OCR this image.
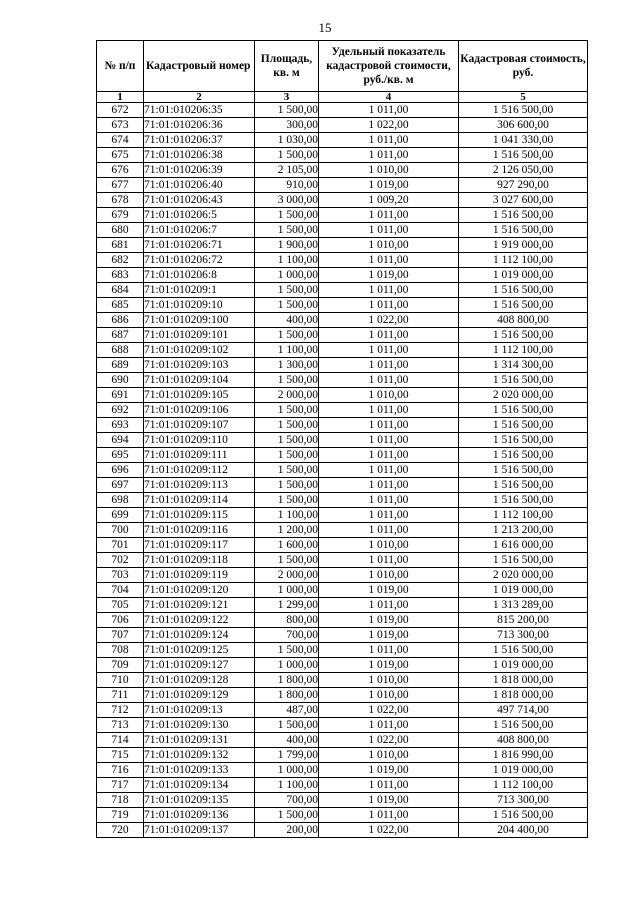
15
№ п/п	Кадастровый номер	Площадь, кв. м	Удельный показатель кадастровой стоимости, руб./кв. м	Кадастровая стоимость, руб.
1	2	3	4	5
672	71:01:010206:35	1 500,00	1 011,00	1 516 500,00
673	71:01:010206:36	300,00	1 022,00	306 600,00
674	71:01:010206:37	1 030,00	1 011,00	1 041 330,00
675	71:01:010206:38	1 500,00	1 011,00	1 516 500,00
676	71:01:010206:39	2 105,00	1 010,00	2 126 050,00
677	71:01:010206:40	910,00	1 019,00	927 290,00
678	71:01:010206:43	3 000,00	1 009,20	3 027 600,00
679	71:01:010206:5	1 500,00	1 011,00	1 516 500,00
680	71:01:010206:7	1 500,00	1 011,00	1 516 500,00
681	71:01:010206:71	1 900,00	1 010,00	1 919 000,00
682	71:01:010206:72	1 100,00	1 011,00	1 112 100,00
683	71:01:010206:8	1 000,00	1 019,00	1 019 000,00
684	71:01:010209:1	1 500,00	1 011,00	1 516 500,00
685	71:01:010209:10	1 500,00	1 011,00	1 516 500,00
686	71:01:010209:100	400,00	1 022,00	408 800,00
687	71:01:010209:101	1 500,00	1 011,00	1 516 500,00
688	71:01:010209:102	1 100,00	1 011,00	1 112 100,00
689	71:01:010209:103	1 300,00	1 011,00	1 314 300,00
690	71:01:010209:104	1 500,00	1 011,00	1 516 500,00
691	71:01:010209:105	2 000,00	1 010,00	2 020 000,00
692	71:01:010209:106	1 500,00	1 011,00	1 516 500,00
693	71:01:010209:107	1 500,00	1 011,00	1 516 500,00
694	71:01:010209:110	1 500,00	1 011,00	1 516 500,00
695	71:01:010209:111	1 500,00	1 011,00	1 516 500,00
696	71:01:010209:112	1 500,00	1 011,00	1 516 500,00
697	71:01:010209:113	1 500,00	1 011,00	1 516 500,00
698	71:01:010209:114	1 500,00	1 011,00	1 516 500,00
699	71:01:010209:115	1 100,00	1 011,00	1 112 100,00
700	71:01:010209:116	1 200,00	1 011,00	1 213 200,00
701	71:01:010209:117	1 600,00	1 010,00	1 616 000,00
702	71:01:010209:118	1 500,00	1 011,00	1 516 500,00
703	71:01:010209:119	2 000,00	1 010,00	2 020 000,00
704	71:01:010209:120	1 000,00	1 019,00	1 019 000,00
705	71:01:010209:121	1 299,00	1 011,00	1 313 289,00
706	71:01:010209:122	800,00	1 019,00	815 200,00
707	71:01:010209:124	700,00	1 019,00	713 300,00
708	71:01:010209:125	1 500,00	1 011,00	1 516 500,00
709	71:01:010209:127	1 000,00	1 019,00	1 019 000,00
710	71:01:010209:128	1 800,00	1 010,00	1 818 000,00
711	71:01:010209:129	1 800,00	1 010,00	1 818 000,00
712	71:01:010209:13	487,00	1 022,00	497 714,00
713	71:01:010209:130	1 500,00	1 011,00	1 516 500,00
714	71:01:010209:131	400,00	1 022,00	408 800,00
715	71:01:010209:132	1 799,00	1 010,00	1 816 990,00
716	71:01:010209:133	1 000,00	1 019,00	1 019 000,00
717	71:01:010209:134	1 100,00	1 011,00	1 112 100,00
718	71:01:010209:135	700,00	1 019,00	713 300,00
719	71:01:010209:136	1 500,00	1 011,00	1 516 500,00
720	71:01:010209:137	200,00	1 022,00	204 400,00
